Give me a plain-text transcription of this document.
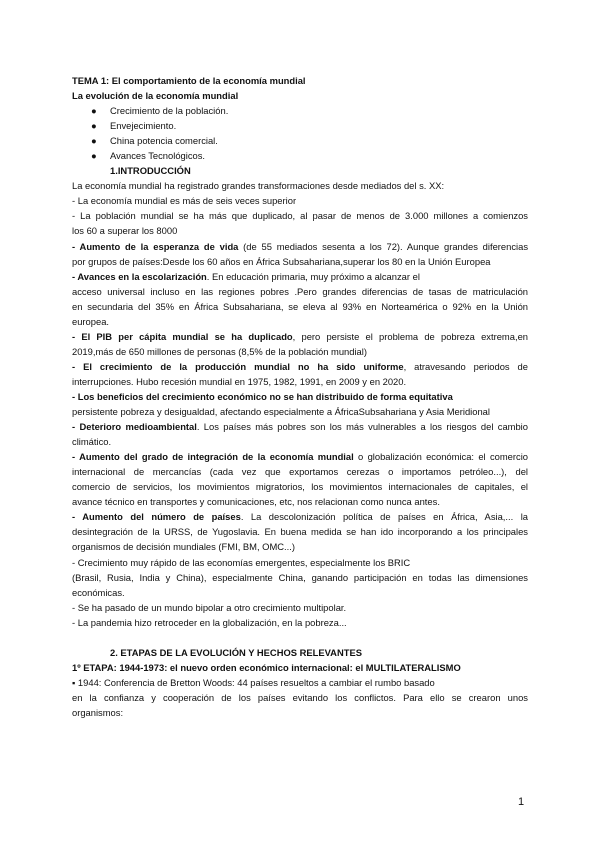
TEMA 1: El comportamiento de la economía mundial
La evolución de la economía mundial
● Crecimiento de la población.
● Envejecimiento.
● China potencia comercial.
● Avances Tecnológicos.
1.INTRODUCCIÓN
La economía mundial ha registrado grandes transformaciones desde mediados del s. XX:
- La economía mundial es más de seis veces superior
- La población mundial se ha más que duplicado, al pasar de menos de 3.000 millones a comienzos
los 60 a superar los 8000
- Aumento de la esperanza de vida (de 55 mediados sesenta a los 72). Aunque grandes diferencias
por grupos de países:Desde los 60 años en África Subsahariana,superar los 80 en la Unión Europea
- Avances en la escolarización. En educación primaria, muy próximo a alcanzar el
acceso universal incluso en las regiones pobres .Pero grandes diferencias de tasas de matriculación
en secundaria del 35% en África Subsahariana, se eleva al 93% en Norteamérica o 92% en la Unión
europea.
- El PIB per cápita mundial se ha duplicado, pero persiste el problema de pobreza extrema,en
2019,más de 650 millones de personas (8,5% de la población mundial)
- El crecimiento de la producción mundial no ha sido uniforme, atravesando periodos de
interrupciones. Hubo recesión mundial en 1975, 1982, 1991, en 2009 y en 2020.
- Los beneficios del crecimiento económico no se han distribuido de forma equitativa
persistente pobreza y desigualdad, afectando especialmente a ÁfricaSubsahariana y Asia Meridional
- Deterioro medioambiental. Los países más pobres son los más vulnerables a los riesgos del cambio
climático.
- Aumento del grado de integración de la economía mundial o globalización económica: el comercio
internacional de mercancías (cada vez que exportamos cerezas o importamos petróleo...), del
comercio de servicios, los movimientos migratorios, los movimientos internacionales de capitales, el
avance técnico en transportes y comunicaciones, etc, nos relacionan como nunca antes.
- Aumento del número de países. La descolonización política de países en África, Asia,... la
desintegración de la URSS, de Yugoslavia. En buena medida se han ido incorporando a los principales
organismos de decisión mundiales (FMI, BM, OMC...)
- Crecimiento muy rápido de las economías emergentes, especialmente los BRIC
(Brasil, Rusia, India y China), especialmente China, ganando participación en todas las dimensiones
económicas.
- Se ha pasado de un mundo bipolar a otro crecimiento multipolar.
- La pandemia hizo retroceder en la globalización, en la pobreza...
2. ETAPAS DE LA EVOLUCIÓN Y HECHOS RELEVANTES
1º ETAPA: 1944-1973: el nuevo orden económico internacional: el MULTILATERALISMO
▪ 1944: Conferencia de Bretton Woods: 44 países resueltos a cambiar el rumbo basado
en la confianza y cooperación de los países evitando los conflictos. Para ello se crearon unos
organismos:
1
